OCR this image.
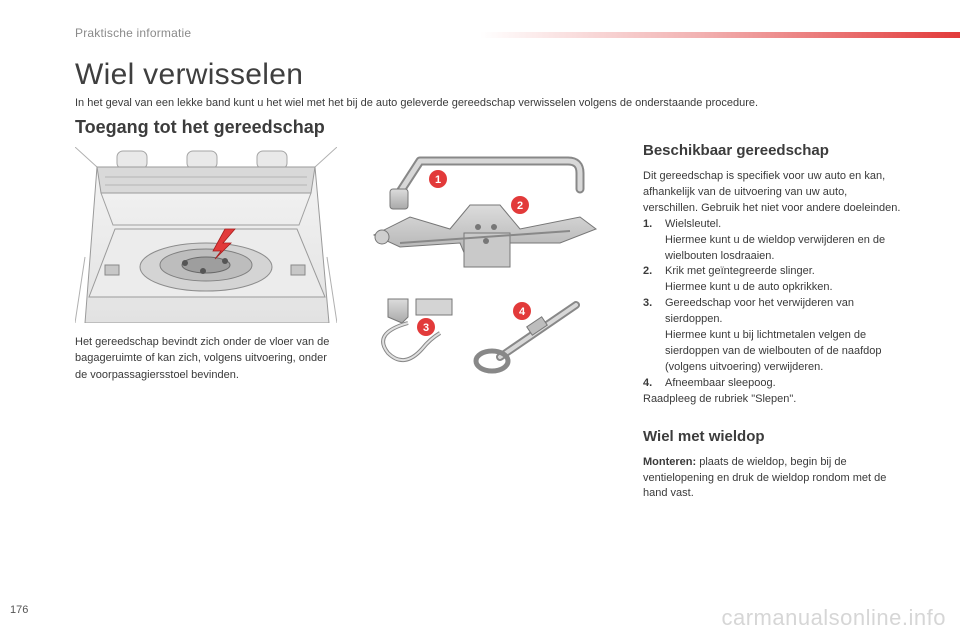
Praktische informatie
Wiel verwisselen

In het geval van een lekke band kunt u het wiel met het bij de auto geleverde gereedschap verwisselen volgens de onderstaande procedure.

Toegang tot het gereedschap
1
2
3
4

Het gereedschap bevindt zich onder de vloer van de bagageruimte of kan zich, volgens uitvoering, onder de voorpassagiersstoel bevinden.

Beschikbaar gereedschap

Dit gereedschap is specifiek voor uw auto en kan, afhankelijk van de uitvoering van uw auto, verschillen. Gebruik het niet voor andere doeleinden.

1.	Wielsleutel.
Hiermee kunt u de wieldop verwijderen en de wielbouten losdraaien.
2.	Krik met geïntegreerde slinger.
Hiermee kunt u de auto opkrikken.
3.	Gereedschap voor het verwijderen van sierdoppen.
Hiermee kunt u bij lichtmetalen velgen de sierdoppen van de wielbouten of de naafdop (volgens uitvoering) verwijderen.
4.	Afneembaar sleepoog.

Raadpleeg de rubriek "Slepen".

Wiel met wieldop

Monteren: plaats de wieldop, begin bij de ventielopening en druk de wieldop rondom met de hand vast.

176	carmanualsonline.info
